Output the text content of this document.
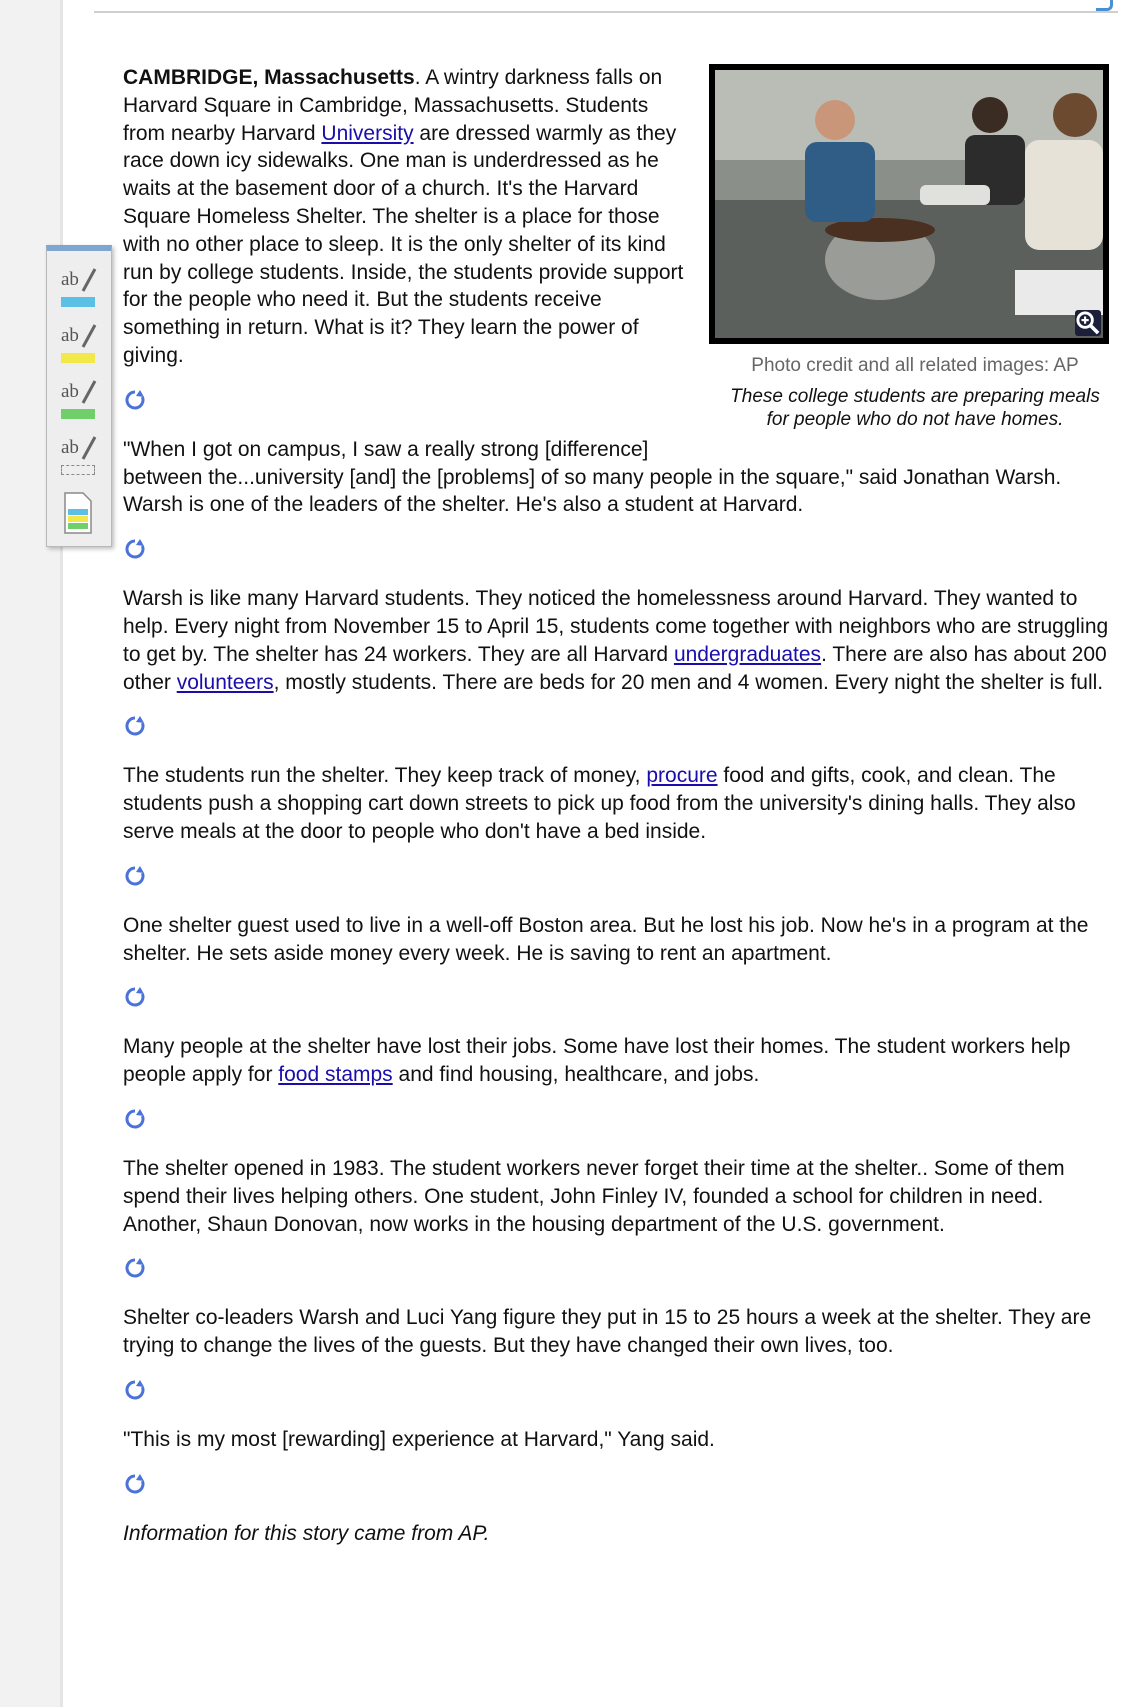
Photo credit and all related images: AP
These college students are preparing meals for people who do not have homes.

CAMBRIDGE, Massachusetts. A wintry darkness falls on Harvard Square in Cambridge, Massachusetts. Students from nearby Harvard University are dressed warmly as they race down icy sidewalks. One man is underdressed as he waits at the basement door of a church. It's the Harvard Square Homeless Shelter. The shelter is a place for those with no other place to sleep. It is the only shelter of its kind run by college students. Inside, the students provide support for the people who need it. But the students receive something in return. What is it? They learn the power of giving.

"When I got on campus, I saw a really strong [difference] between the...university [and] the [problems] of so many people in the square," said Jonathan Warsh. Warsh is one of the leaders of the shelter. He's also a student at Harvard.

Warsh is like many Harvard students. They noticed the homelessness around Harvard. They wanted to help. Every night from November 15 to April 15, students come together with neighbors who are struggling to get by. The shelter has 24 workers. They are all Harvard undergraduates. There are also has about 200 other volunteers, mostly students. There are beds for 20 men and 4 women. Every night the shelter is full.

The students run the shelter. They keep track of money, procure food and gifts, cook, and clean. The students push a shopping cart down streets to pick up food from the university's dining halls. They also serve meals at the door to people who don't have a bed inside.

One shelter guest used to live in a well-off Boston area. But he lost his job. Now he's in a program at the shelter. He sets aside money every week. He is saving to rent an apartment.

Many people at the shelter have lost their jobs. Some have lost their homes. The student workers help people apply for food stamps and find housing, healthcare, and jobs.

The shelter opened in 1983. The student workers never forget their time at the shelter.. Some of them spend their lives helping others. One student, John Finley IV, founded a school for children in need. Another, Shaun Donovan, now works in the housing department of the U.S. government.

Shelter co-leaders Warsh and Luci Yang figure they put in 15 to 25 hours a week at the shelter. They are trying to change the lives of the guests. But they have changed their own lives, too.

"This is my most [rewarding] experience at Harvard," Yang said.

Information for this story came from AP.

ab
ab
ab
ab
